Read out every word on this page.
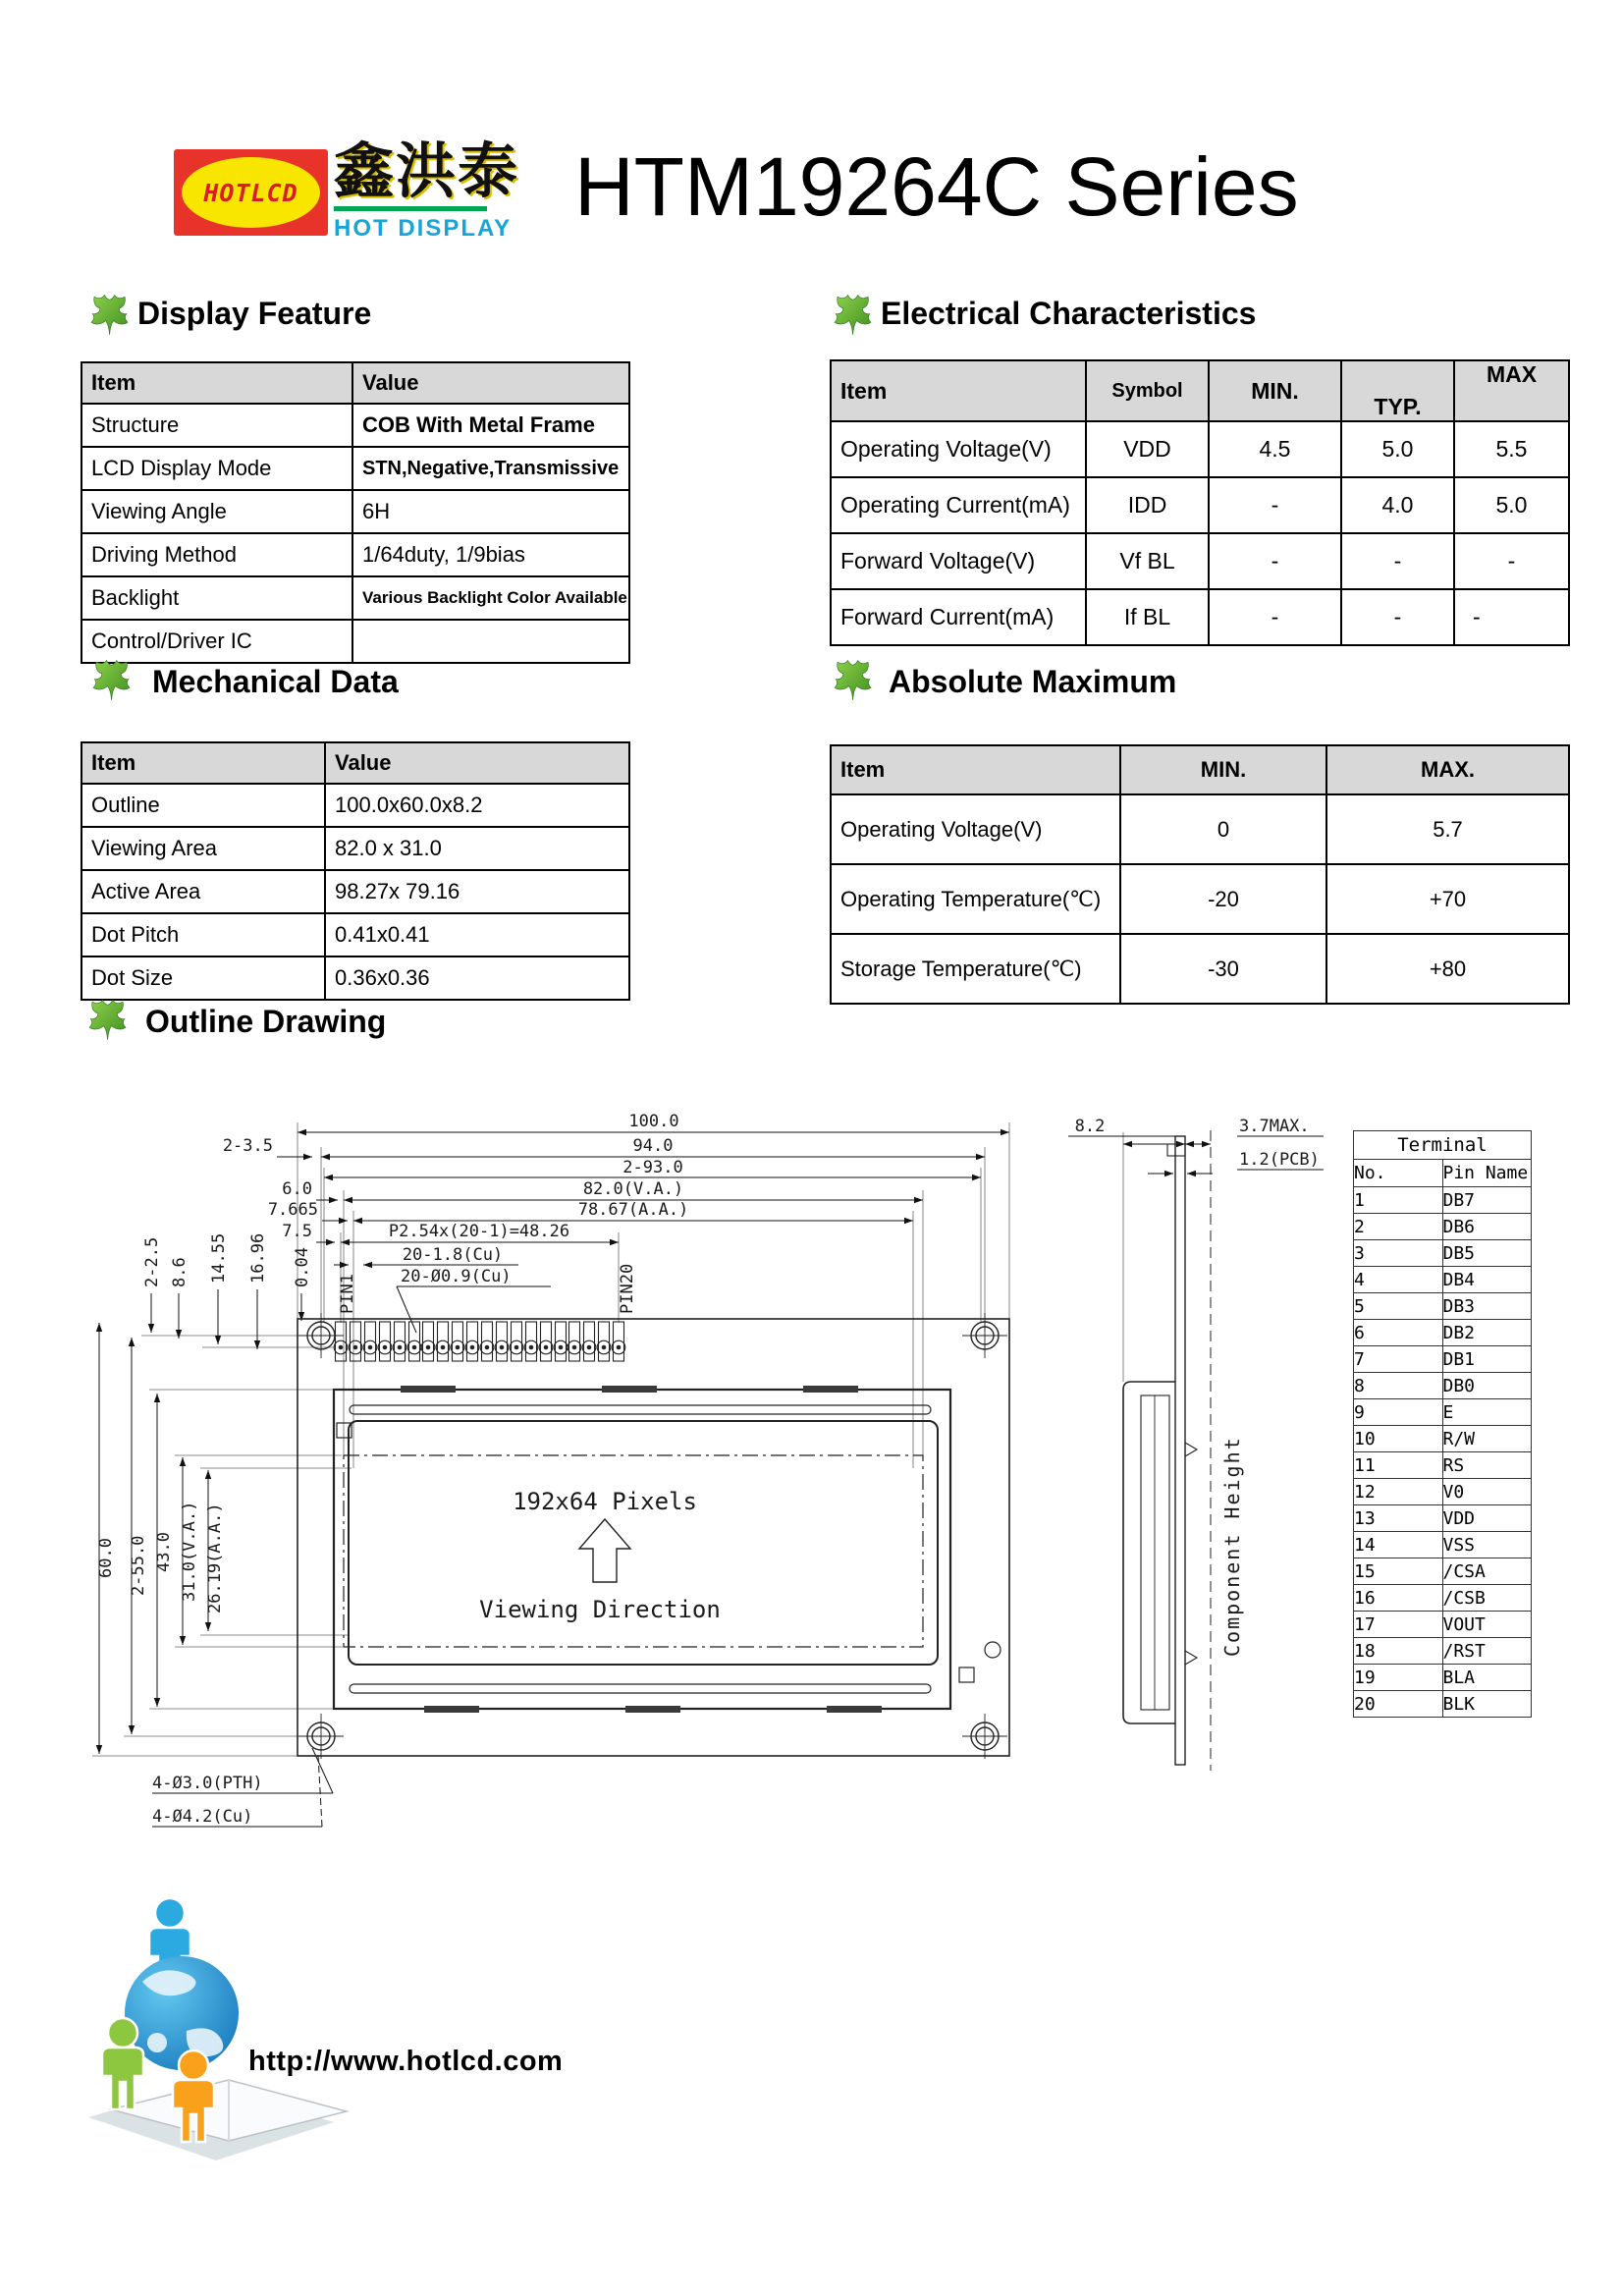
HOTLCD 鑫洪泰
HOT DISPLAY HTM19264C Series
Display Feature
Item	Value
Structure	COB With Metal Frame
LCD Display Mode	STN,Negative,Transmissive
Viewing Angle	6H
Driving Method	1/64duty, 1/9bias
Backlight	Various Backlight Color Available
Control/Driver IC	
Electrical Characteristics
Item	Symbol	MIN.	TYP.	MAX
Operating Voltage(V)	VDD	4.5	5.0	5.5
Operating Current(mA)	IDD	-	4.0	5.0
Forward Voltage(V)	Vf BL	-	-	-
Forward Current(mA)	If BL	-	-	-
Mechanical Data
Item	Value
Outline	100.0x60.0x8.2
Viewing Area	82.0 x 31.0
Active Area	98.27x 79.16
Dot Pitch	0.41x0.41
Dot Size	0.36x0.36
Absolute Maximum
Item	MIN.	MAX.
Operating Voltage(V)	0	5.7
Operating Temperature(℃)	-20	+70
Storage Temperature(℃)	-30	+80
Outline Drawing
100.0
94.0
2-93.0
82.0(V.A.)
78.67(A.A.)
P2.54x(20-1)=48.26
20-1.8(Cu)
20-Ø0.9(Cu)
2-3.5
6.0
7.665
7.5
2-2.5 8.6 14.55 16.96 0.04
60.0 2-55.0 43.0 31.0(V.A.) 26.19(A.A.)
4-Ø3.0(PTH)
4-Ø4.2(Cu)
PIN1	PIN20
192x64 Pixels
Viewing Direction
8.2	3.7MAX.
1.2(PCB)
Component Height
Terminal	
No.	Pin Name
1	DB7
2	DB6
3	DB5
4	DB4
5	DB3
6	DB2
7	DB1
8	DB0
9	E
10	R/W
11	RS
12	V0
13	VDD
14	VSS
15	/CSA
16	/CSB
17	VOUT
18	/RST
19	BLA
20	BLK
http://www.hotlcd.com
